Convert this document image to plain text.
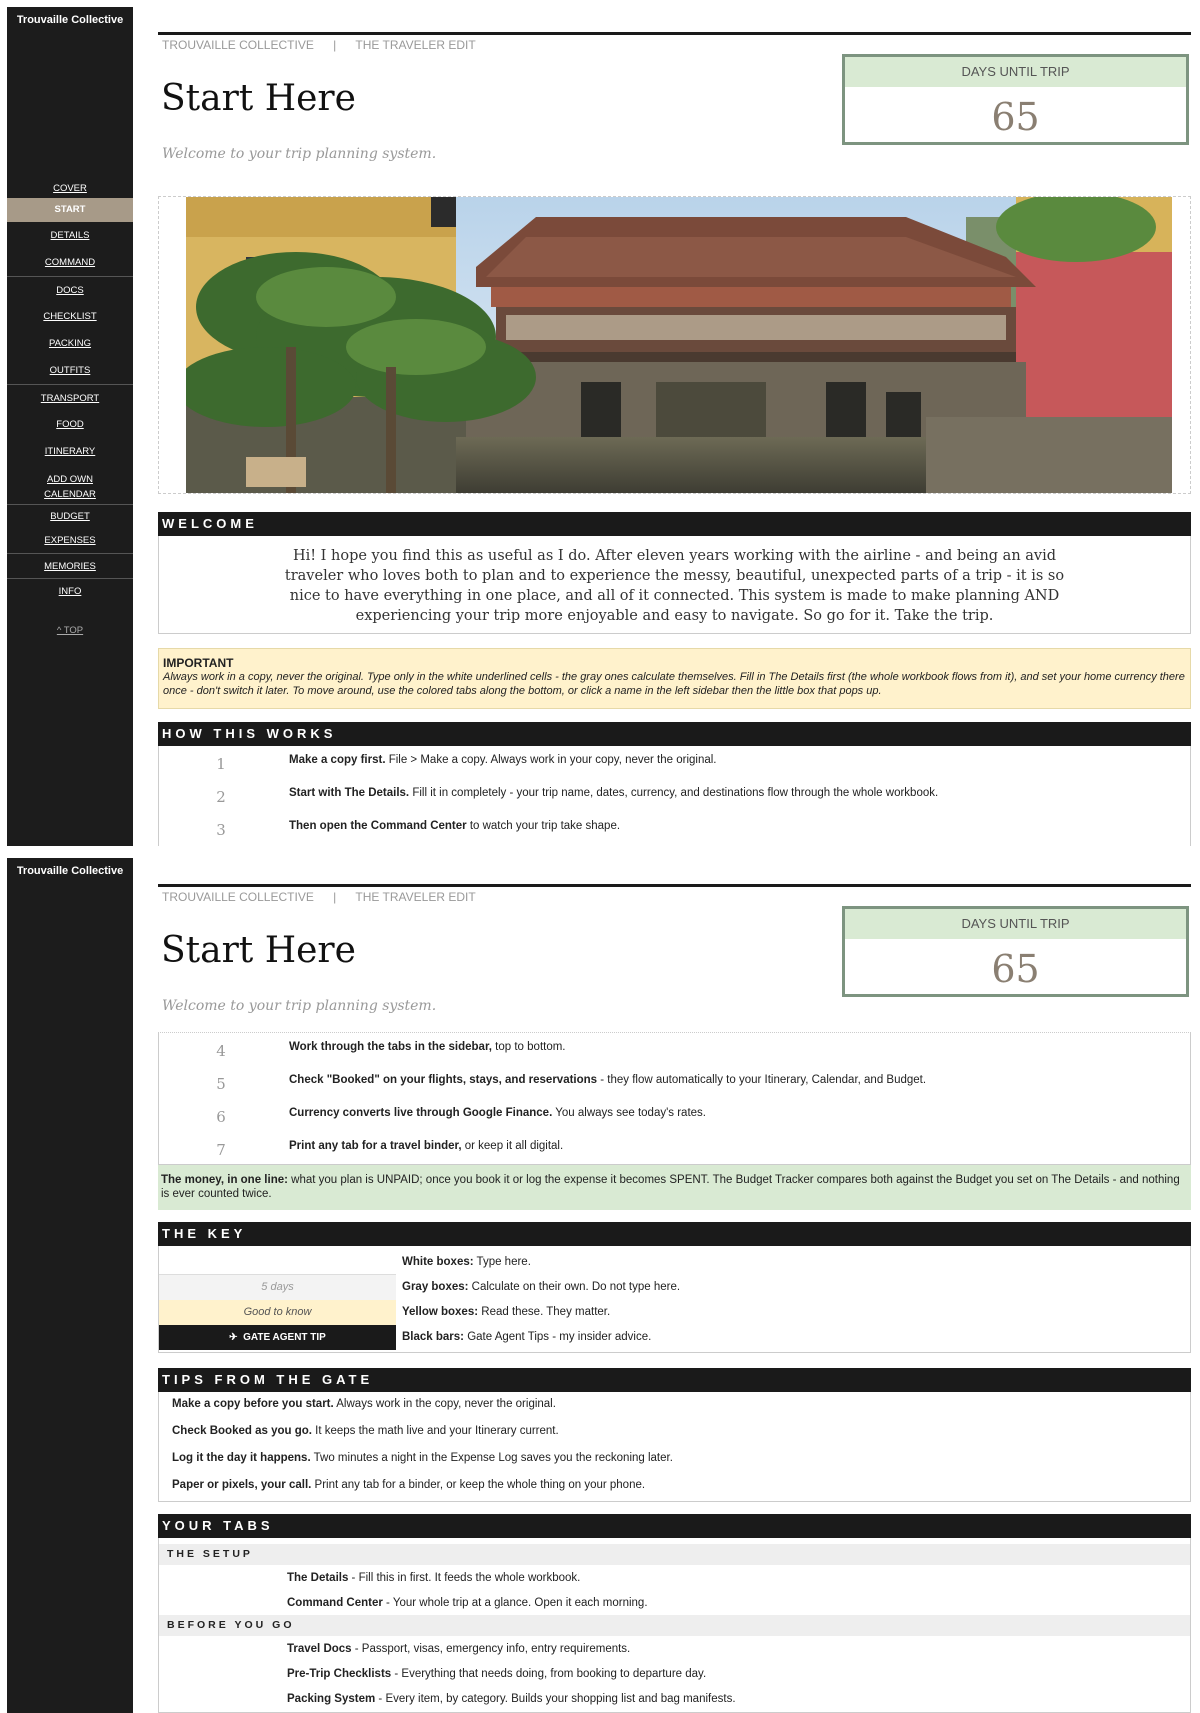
Trouvaille Collective
COVER
START
DETAILS
COMMAND
DOCS
CHECKLIST
PACKING
OUTFITS
TRANSPORT
FOOD
ITINERARY
ADD OWN
CALENDAR
BUDGET
EXPENSES
MEMORIES
INFO
^ TOP
TROUVAILLE COLLECTIVE | THE TRAVELER EDIT
Start Here
Welcome to your trip planning system.
DAYS UNTIL TRIP
65
WELCOME
Hi! I hope you find this as useful as I do. After eleven years working with the airline - and being an avid traveler who loves both to plan and to experience the messy, beautiful, unexpected parts of a trip - it is so nice to have everything in one place, and all of it connected. This system is made to make planning AND experiencing your trip more enjoyable and easy to navigate. So go for it. Take the trip.
IMPORTANT
Always work in a copy, never the original. Type only in the white underlined cells - the gray ones calculate themselves. Fill in The Details first (the whole workbook flows from it), and set your home currency there once - don't switch it later. To move around, use the colored tabs along the bottom, or click a name in the left sidebar then the little box that pops up.
HOW THIS WORKS
1	Make a copy first. File > Make a copy. Always work in your copy, never the original.
2	Start with The Details. Fill it in completely - your trip name, dates, currency, and destinations flow through the whole workbook.
3	Then open the Command Center to watch your trip take shape.
Trouvaille Collective
TROUVAILLE COLLECTIVE | THE TRAVELER EDIT
Start Here
Welcome to your trip planning system.
DAYS UNTIL TRIP
65
4	Work through the tabs in the sidebar, top to bottom.
5	Check "Booked" on your flights, stays, and reservations - they flow automatically to your Itinerary, Calendar, and Budget.
6	Currency converts live through Google Finance. You always see today's rates.
7	Print any tab for a travel binder, or keep it all digital.
The money, in one line: what you plan is UNPAID; once you book it or log the expense it becomes SPENT. The Budget Tracker compares both against the Budget you set on The Details - and nothing is ever counted twice.
THE KEY
White boxes: Type here.
5 days	Gray boxes: Calculate on their own. Do not type here.
Good to know	Yellow boxes: Read these. They matter.
✈  GATE AGENT TIP	Black bars: Gate Agent Tips - my insider advice.
TIPS FROM THE GATE
Make a copy before you start. Always work in the copy, never the original.
Check Booked as you go. It keeps the math live and your Itinerary current.
Log it the day it happens. Two minutes a night in the Expense Log saves you the reckoning later.
Paper or pixels, your call. Print any tab for a binder, or keep the whole thing on your phone.
YOUR TABS
THE SETUP
The Details - Fill this in first. It feeds the whole workbook.
Command Center - Your whole trip at a glance. Open it each morning.
BEFORE YOU GO
Travel Docs - Passport, visas, emergency info, entry requirements.
Pre-Trip Checklists - Everything that needs doing, from booking to departure day.
Packing System - Every item, by category. Builds your shopping list and bag manifests.
